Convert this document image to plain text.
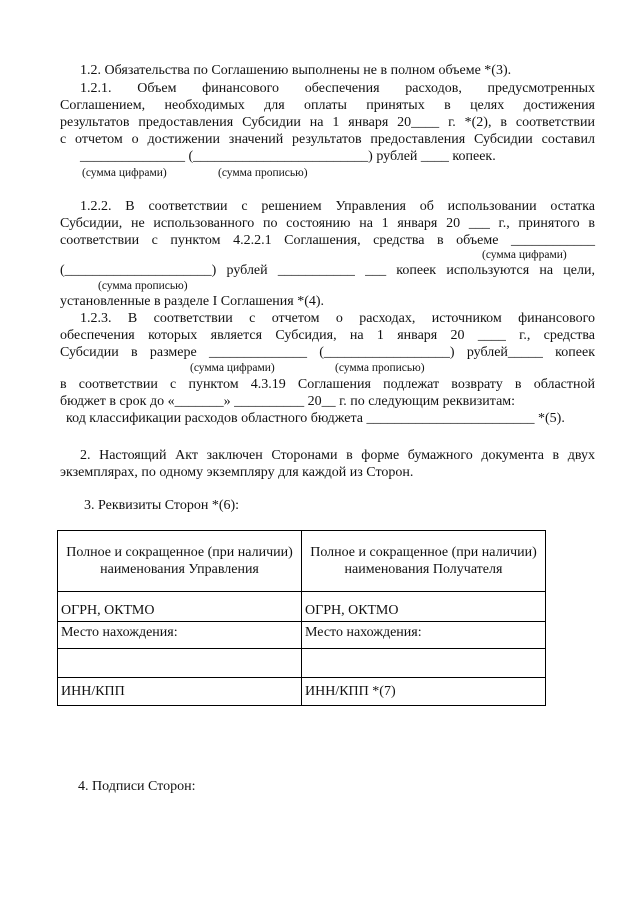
1.2. Обязательства по Соглашению выполнены не в полном объеме *(3).
1.2.1. Объем финансового обеспечения расходов, предусмотренных
Соглашением, необходимых для оплаты принятых в целях достижения
результатов предоставления Субсидии на 1 января 20____ г. *(2), в соответствии
с отчетом о достижении значений результатов предоставления Субсидии составил
_______________ (_________________________) рублей ____ копеек.
(сумма цифрами)	(сумма прописью)
1.2.2. В соответствии с решением Управления об использовании остатка
Субсидии, не использованного по состоянию на 1 января 20 ___ г., принятого в
соответствии с пунктом 4.2.2.1 Соглашения, средства в объеме ____________
(сумма цифрами)
(_____________________) рублей ___________ ___ копеек используются на цели,
(сумма прописью)
установленные в разделе I Соглашения *(4).
1.2.3. В соответствии с отчетом о расходах, источником финансового
обеспечения которых является Субсидия, на 1 января 20 ____ г., средства
Субсидии в размере ______________ (__________________) рублей_____ копеек
(сумма цифрами)	(сумма прописью)
в соответствии с пунктом 4.3.19 Соглашения подлежат возврату в областной
бюджет в срок до «_______» __________ 20__ г. по следующим реквизитам:
код классификации расходов областного бюджета ________________________ *(5).
2. Настоящий Акт заключен Сторонами в форме бумажного документа в двух
экземплярах, по одному экземпляру для каждой из Сторон.
3. Реквизиты Сторон *(6):
Полное и сокращенное (при наличии) наименования Управления	Полное и сокращенное (при наличии) наименования Получателя
ОГРН, ОКТМО	ОГРН, ОКТМО
Место нахождения:	Место нахождения:

ИНН/КПП	ИНН/КПП *(7)
4. Подписи Сторон:
